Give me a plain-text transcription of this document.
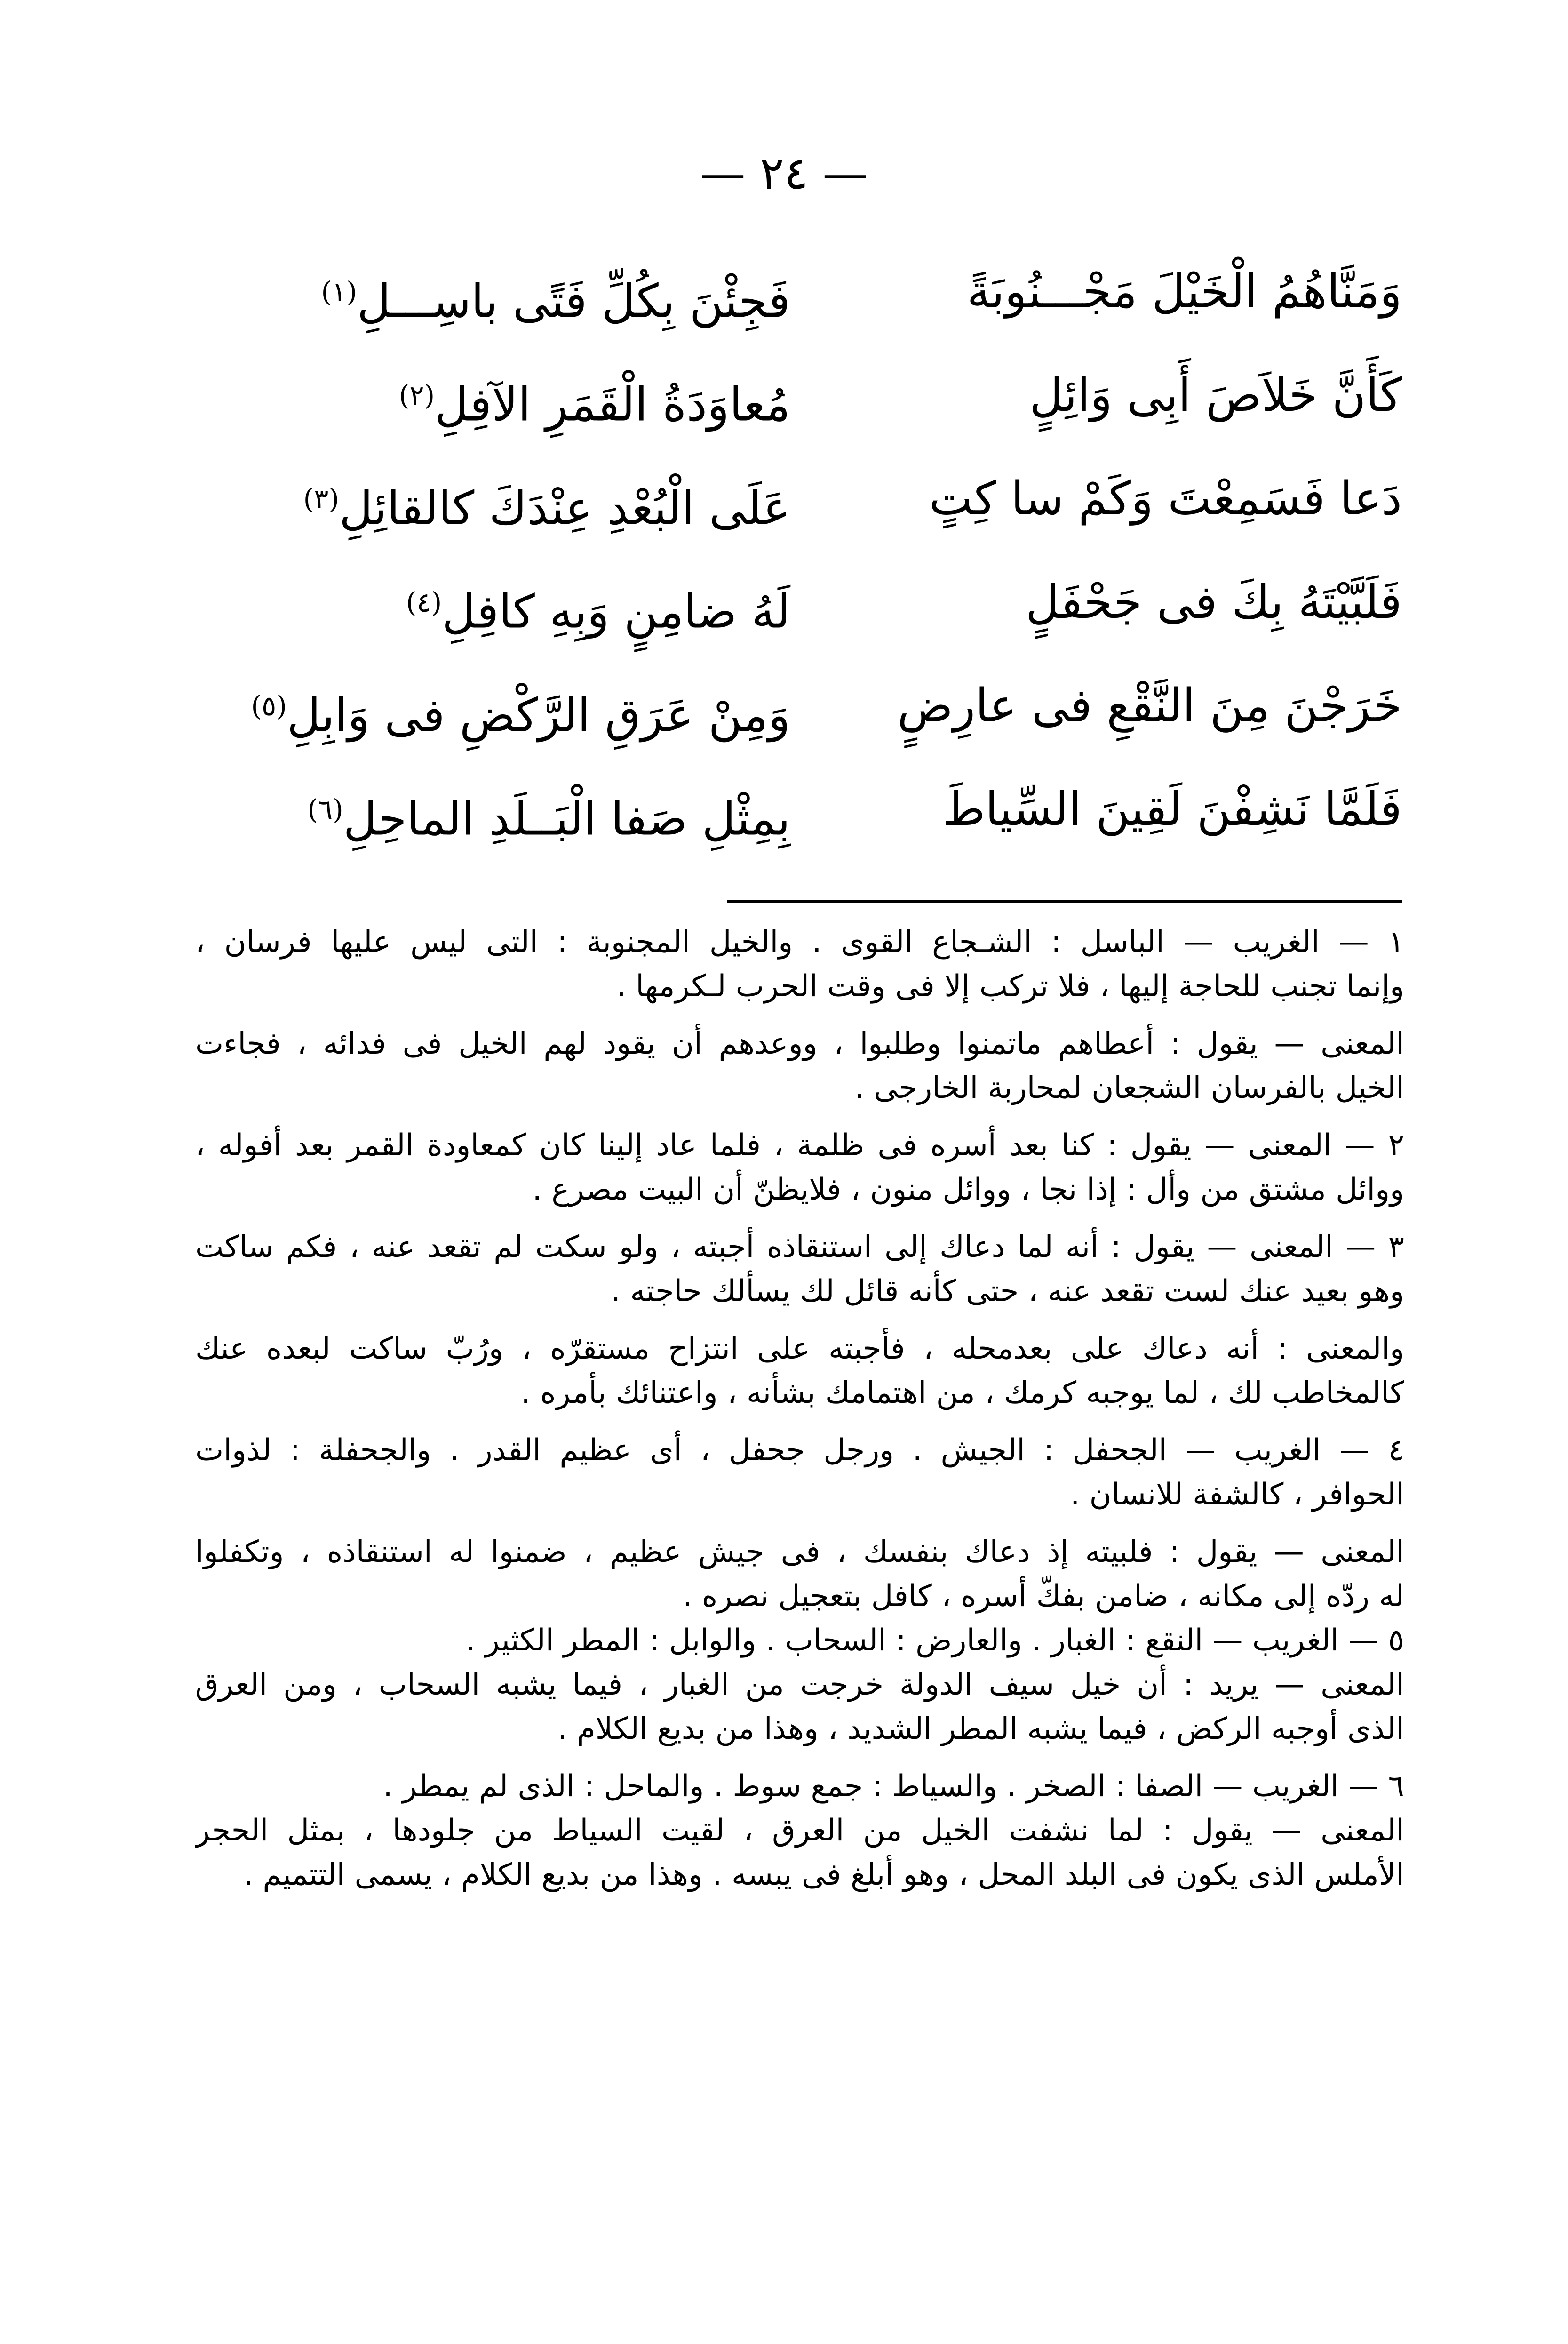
— ٢٤ —
وَمَنَّاهُمُ الْخَيْلَ مَجْـــنُوبَةً
فَجِئْنَ بِكُلِّ فَتًى باسِـــلِ$^{(١)}$
كَأَنَّ خَلاَصَ أَبِى وَائِلٍ
مُعاوَدَةُ الْقَمَرِ الآفِلِ$^{(٢)}$
دَعا فَسَمِعْتَ وَكَمْ سا كِتٍ
عَلَى الْبُعْدِ عِنْدَكَ كالقائِلِ$^{(٣)}$
فَلَبَّيْتَهُ بِكَ فى جَحْفَلٍ
لَهُ ضامِنٍ وَبِهِ كافِلِ$^{(٤)}$
خَرَجْنَ مِنَ النَّقْعِ فى عارِضٍ
وَمِنْ عَرَقِ الرَّكْضِ فى وَابِلِ$^{(٥)}$
فَلَمَّا نَشِفْنَ لَقِينَ السِّياطَ
بِمِثْلِ صَفا الْبَــلَدِ الماحِلِ$^{(٦)}$
١ — الغريب — الباسل : الشـجاع القوى . والخيل المجنوبة : التى ليس عليها فرسان ،
وإنما تجنب للحاجة إليها ، فلا تركب إلا فى وقت الحرب لـكرمها .
المعنى — يقول : أعطاهم ماتمنوا وطلبوا ، ووعدهم أن يقود لهم الخيل فى فدائه ، فجاءت
الخيل بالفرسان الشجعان لمحاربة الخارجى .
٢ — المعنى — يقول : كنا بعد أسره فى ظلمة ، فلما عاد إلينا كان كمعاودة القمر بعد أفوله ،
ووائل مشتق من وأل : إذا نجا ، ووائل منون ، فلايظنّ أن البيت مصرع .
٣ — المعنى — يقول : أنه لما دعاك إلى استنقاذه أجبته ، ولو سكت لم تقعد عنه ، فكم ساكت
وهو بعيد عنك لست تقعد عنه ، حتى كأنه قائل لك يسألك حاجته .
والمعنى : أنه دعاك على بعدمحله ، فأجبته على انتزاح مستقرّه ، ورُبّ ساكت لبعده عنك
كالمخاطب لك ، لما يوجبه كرمك ، من اهتمامك بشأنه ، واعتنائك بأمره .
٤ — الغريب — الجحفل : الجيش . ورجل جحفل ، أى عظيم القدر . والجحفلة : لذوات
الحوافر ، كالشفة للانسان .
المعنى — يقول : فلبيته إذ دعاك بنفسك ، فى جيش عظيم ، ضمنوا له استنقاذه ، وتكفلوا
له ردّه إلى مكانه ، ضامن بفكّ أسره ، كافل بتعجيل نصره .
٥ — الغريب — النقع : الغبار . والعارض : السحاب . والوابل : المطر الكثير .
المعنى — يريد : أن خيل سيف الدولة خرجت من الغبار ، فيما يشبه السحاب ، ومن العرق
الذى أوجبه الركض ، فيما يشبه المطر الشديد ، وهذا من بديع الكلام .
٦ — الغريب — الصفا : الصخر . والسياط : جمع سوط . والماحل : الذى لم يمطر .
المعنى — يقول : لما نشفت الخيل من العرق ، لقيت السياط من جلودها ، بمثل الحجر
الأملس الذى يكون فى البلد المحل ، وهو أبلغ فى يبسه . وهذا من بديع الكلام ، يسمى التتميم .
